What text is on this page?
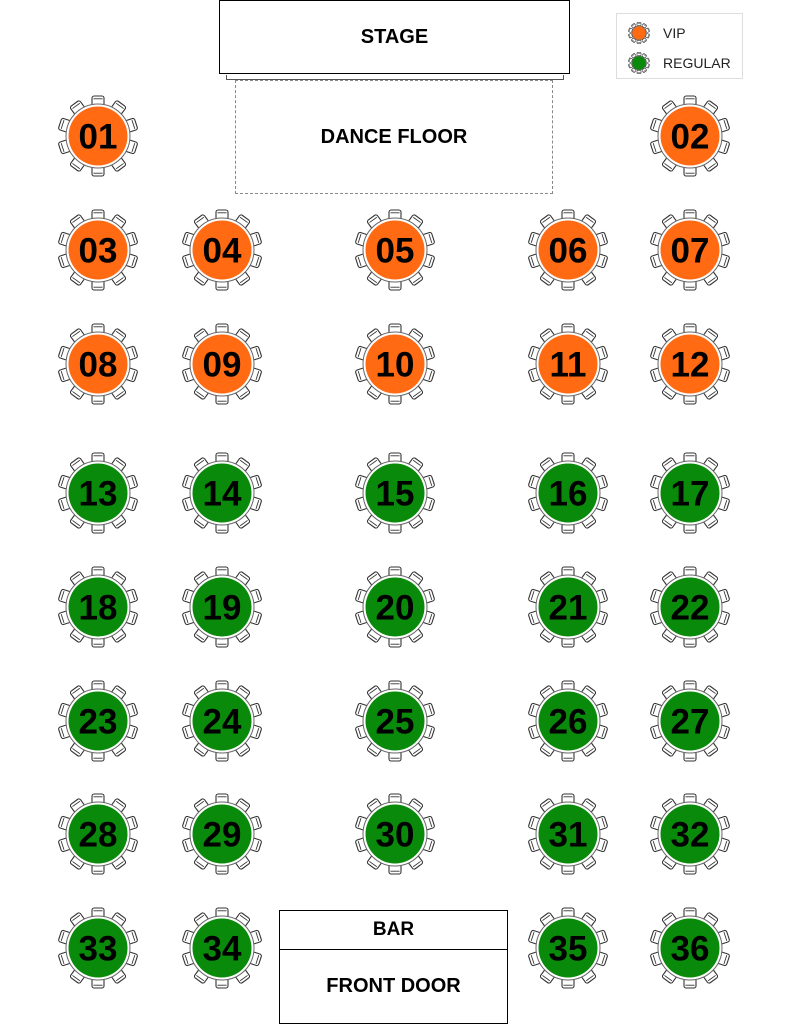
01	02
03 04	05	06 07
08 09	10	11 12
13 14	15	16 17
18 19	20	21 22
23 24	25	26 27
28 29	30	31 32
33 34	35 36
STAGE
DANCE FLOOR
VIP
REGULAR
BAR
FRONT DOOR
